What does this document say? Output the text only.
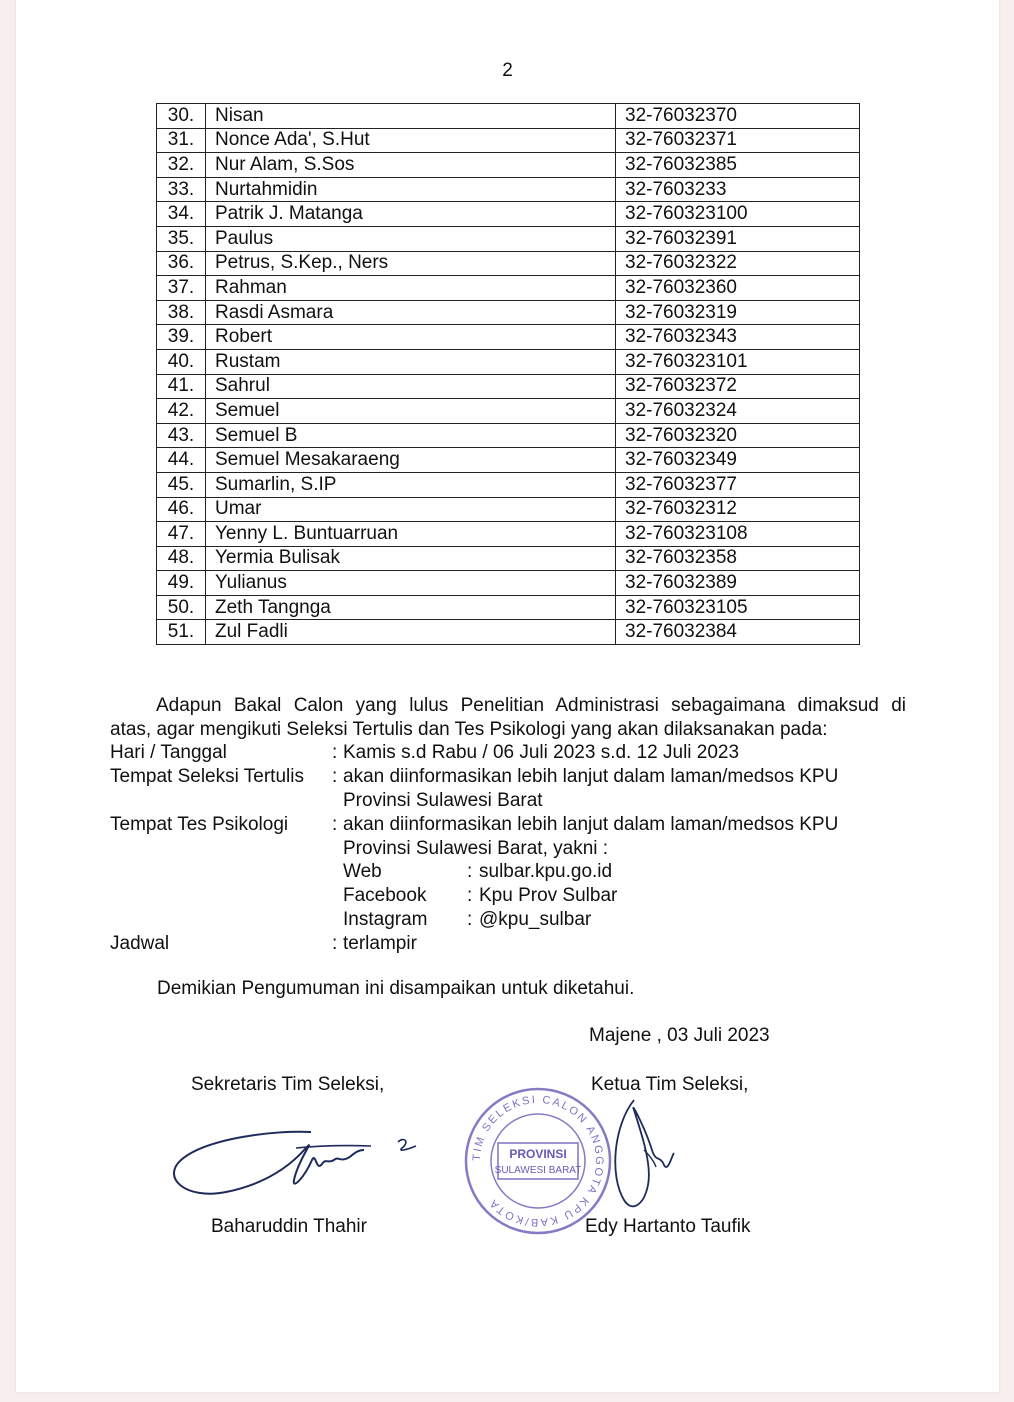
2
30.	Nisan	32-76032370
31.	Nonce Ada', S.Hut	32-76032371
32.	Nur Alam, S.Sos	32-76032385
33.	Nurtahmidin	32-7603233
34.	Patrik J. Matanga	32-760323100
35.	Paulus	32-76032391
36.	Petrus, S.Kep., Ners	32-76032322
37.	Rahman	32-76032360
38.	Rasdi Asmara	32-76032319
39.	Robert	32-76032343
40.	Rustam	32-760323101
41.	Sahrul	32-76032372
42.	Semuel	32-76032324
43.	Semuel B	32-76032320
44.	Semuel Mesakaraeng	32-76032349
45.	Sumarlin, S.IP	32-76032377
46.	Umar	32-76032312
47.	Yenny L. Buntuarruan	32-760323108
48.	Yermia Bulisak	32-76032358
49.	Yulianus	32-76032389
50.	Zeth Tangnga	32-760323105
51.	Zul Fadli	32-76032384
Adapun Bakal Calon yang lulus Penelitian Administrasi sebagaimana dimaksud di
atas, agar mengikuti Seleksi Tertulis dan Tes Psikologi yang akan dilaksanakan pada:
Hari / Tanggal	: Kamis s.d Rabu / 06 Juli 2023 s.d. 12 Juli 2023
Tempat Seleksi Tertulis : akan diinformasikan lebih lanjut dalam laman/medsos KPU
Provinsi Sulawesi Barat
Tempat Tes Psikologi : akan diinformasikan lebih lanjut dalam laman/medsos KPU
Provinsi Sulawesi Barat, yakni :
Web	: sulbar.kpu.go.id
Facebook : Kpu Prov Sulbar
Instagram : @kpu_sulbar
Jadwal	: terlampir
Demikian Pengumuman ini disampaikan untuk diketahui.
Majene , 03 Juli 2023
Sekretaris Tim Seleksi,	Ketua Tim Seleksi,
TIM SELEKSI CALON ANGGOTA KPU KAB/KOTA
PROVINSI
SULAWESI BARAT
Baharuddin Thahir	Edy Hartanto Taufik
